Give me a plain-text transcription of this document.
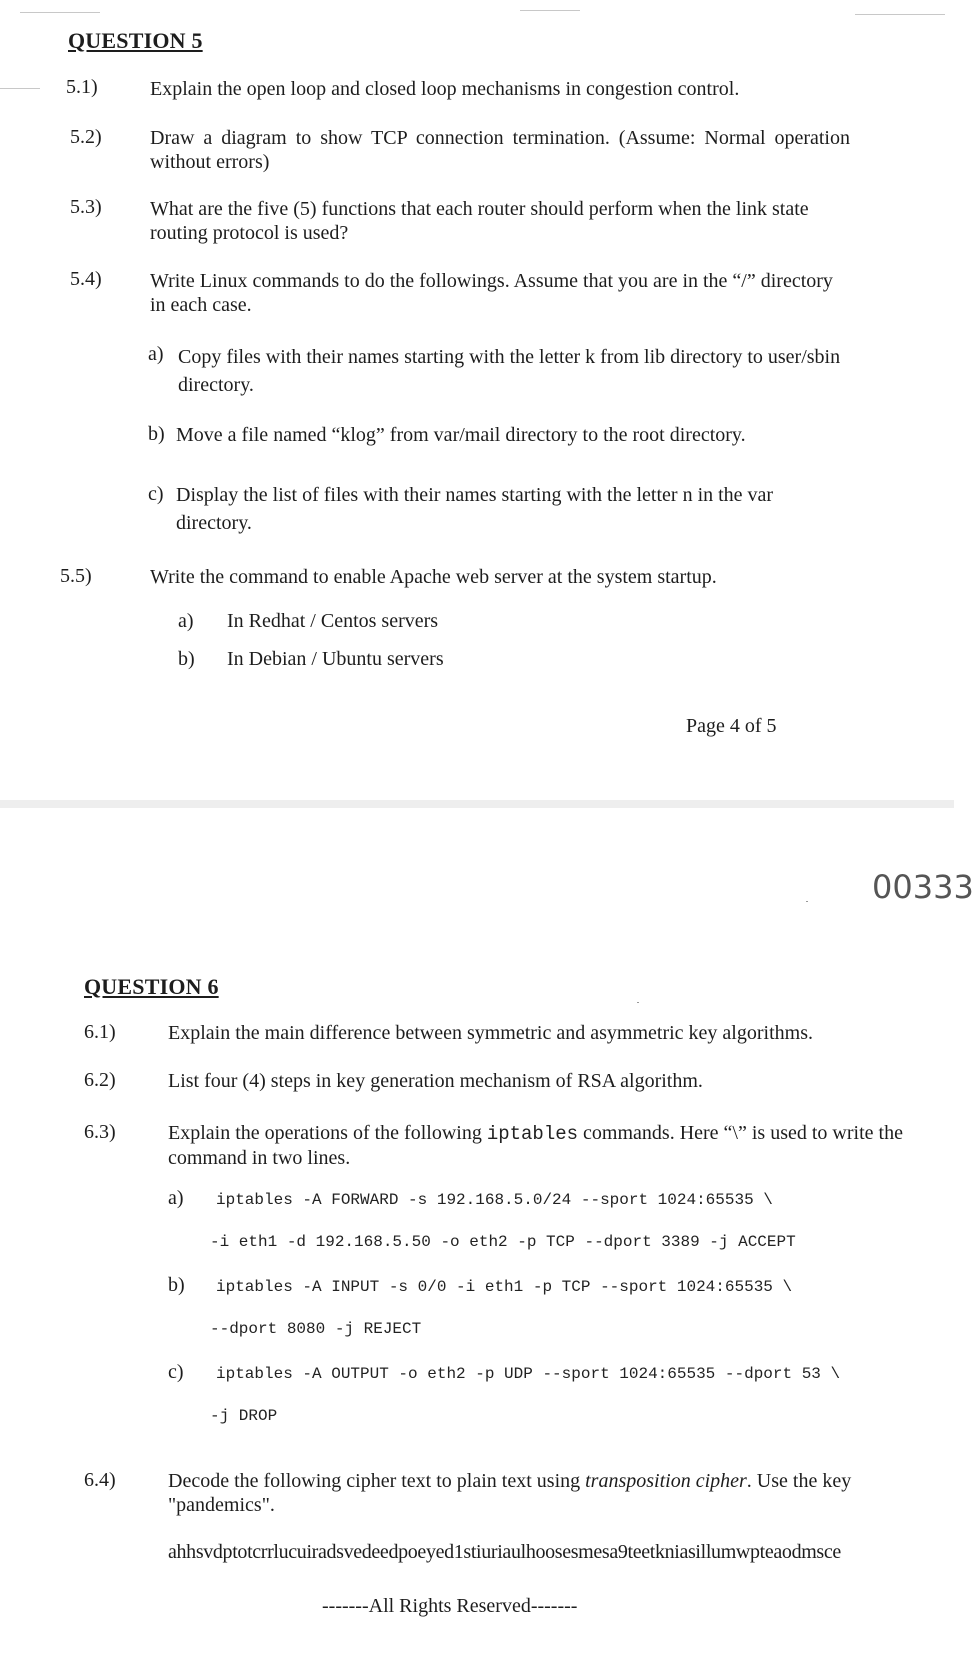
QUESTION 5
5.1)	Explain the open loop and closed loop mechanisms in congestion control.
5.2) Draw a diagram to show TCP connection termination. (Assume: Normal operation without errors)
5.3) What are the five (5) functions that each router should perform when the link state routing protocol is used?
5.4) Write Linux commands to do the followings. Assume that you are in the “/” directory in each case.
a) Copy files with their names starting with the letter k from lib directory to user/sbin directory.
b) Move a file named “klog” from var/mail directory to the root directory.
c) Display the list of files with their names starting with the letter n in the var directory.
5.5)	Write the command to enable Apache web server at the system startup.
a) In Redhat / Centos servers
b) In Debian / Ubuntu servers
Page 4 of 5
00333
QUESTION 6
6.1)	Explain the main difference between symmetric and asymmetric key algorithms.
6.2)	List four (4) steps in key generation mechanism of RSA algorithm.
6.3)	Explain the operations of the following iptables commands. Here “\” is used to write the command in two lines.
a) iptables -A FORWARD -s 192.168.5.0/24 --sport 1024:65535 \
-i eth1 -d 192.168.5.50 -o eth2 -p TCP --dport 3389 -j ACCEPT
b) iptables -A INPUT -s 0/0 -i eth1 -p TCP --sport 1024:65535 \
--dport 8080 -j REJECT
c) iptables -A OUTPUT -o eth2 -p UDP --sport 1024:65535 --dport 53 \
-j DROP
6.4)	Decode the following cipher text to plain text using transposition cipher. Use the key "pandemics".
ahhsvdptotcrrlucuiradsvedeedpoeyed1stiuriaulhoosesmesa9teetkniasillumwpteaodmsce
-------All Rights Reserved-------
